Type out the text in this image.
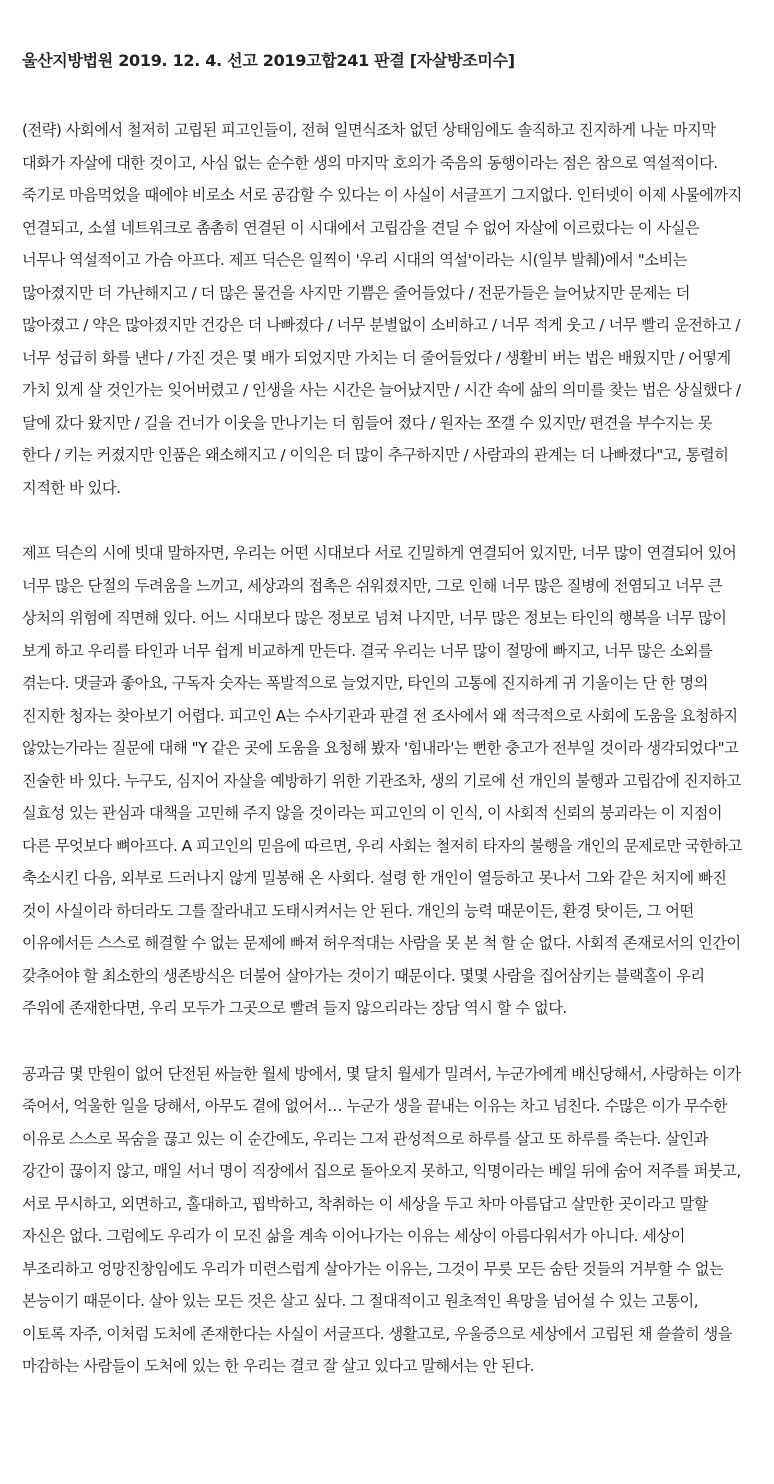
울산지방법원 2019. 12. 4. 선고 2019고합241 판결 [자살방조미수]

(전략) 사회에서 철저히 고립된 피고인들이, 전혀 일면식조차 없던 상태임에도 솔직하고 진지하게 나눈 마지막 대화가 자살에 대한 것이고, 사심 없는 순수한 생의 마지막 호의가 죽음의 동행이라는 점은 참으로 역설적이다. 죽기로 마음먹었을 때에야 비로소 서로 공감할 수 있다는 이 사실이 서글프기 그지없다. 인터넷이 이제 사물에까지 연결되고, 소셜 네트워크로 촘촘히 연결된 이 시대에서 고립감을 견딜 수 없어 자살에 이르렀다는 이 사실은 너무나 역설적이고 가슴 아프다. 제프 딕슨은 일찍이 '우리 시대의 역설'이라는 시(일부 발췌)에서 "소비는 많아졌지만 더 가난해지고 / 더 많은 물건을 사지만 기쁨은 줄어들었다 / 전문가들은 늘어났지만 문제는 더 많아졌고 / 약은 많아졌지만 건강은 더 나빠졌다 / 너무 분별없이 소비하고 / 너무 적게 웃고 / 너무 빨리 운전하고 / 너무 성급히 화를 낸다 / 가진 것은 몇 배가 되었지만 가치는 더 줄어들었다 / 생활비 버는 법은 배웠지만 / 어떻게 가치 있게 살 것인가는 잊어버렸고 / 인생을 사는 시간은 늘어났지만 / 시간 속에 삶의 의미를 찾는 법은 상실했다 / 달에 갔다 왔지만 / 길을 건너가 이웃을 만나기는 더 힘들어 졌다 / 원자는 쪼갤 수 있지만/ 편견을 부수지는 못 한다 / 키는 커졌지만 인품은 왜소해지고 / 이익은 더 많이 추구하지만 / 사람과의 관계는 더 나빠졌다"고, 통렬히 지적한 바 있다.

제프 딕슨의 시에 빗대 말하자면, 우리는 어떤 시대보다 서로 긴밀하게 연결되어 있지만, 너무 많이 연결되어 있어 너무 많은 단절의 두려움을 느끼고, 세상과의 접촉은 쉬워졌지만, 그로 인해 너무 많은 질병에 전염되고 너무 큰 상처의 위험에 직면해 있다. 어느 시대보다 많은 정보로 넘쳐 나지만, 너무 많은 정보는 타인의 행복을 너무 많이 보게 하고 우리를 타인과 너무 쉽게 비교하게 만든다. 결국 우리는 너무 많이 절망에 빠지고, 너무 많은 소외를 겪는다. 댓글과 좋아요, 구독자 숫자는 폭발적으로 늘었지만, 타인의 고통에 진지하게 귀 기울이는 단 한 명의 진지한 청자는 찾아보기 어렵다. 피고인 A는 수사기관과 판결 전 조사에서 왜 적극적으로 사회에 도움을 요청하지 않았는가라는 질문에 대해 "Y 같은 곳에 도움을 요청해 봤자 '힘내라'는 뻔한 충고가 전부일 것이라 생각되었다"고 진술한 바 있다. 누구도, 심지어 자살을 예방하기 위한 기관조차, 생의 기로에 선 개인의 불행과 고립감에 진지하고 실효성 있는 관심과 대책을 고민해 주지 않을 것이라는 피고인의 이 인식, 이 사회적 신뢰의 붕괴라는 이 지점이 다른 무엇보다 뼈아프다. A 피고인의 믿음에 따르면, 우리 사회는 철저히 타자의 불행을 개인의 문제로만 국한하고 축소시킨 다음, 외부로 드러나지 않게 밀봉해 온 사회다. 설령 한 개인이 열등하고 못나서 그와 같은 처지에 빠진 것이 사실이라 하더라도 그를 잘라내고 도태시켜서는 안 된다. 개인의 능력 때문이든, 환경 탓이든, 그 어떤 이유에서든 스스로 해결할 수 없는 문제에 빠져 허우적대는 사람을 못 본 척 할 순 없다. 사회적 존재로서의 인간이 갖추어야 할 최소한의 생존방식은 더불어 살아가는 것이기 때문이다. 몇몇 사람을 집어삼키는 블랙홀이 우리 주위에 존재한다면, 우리 모두가 그곳으로 빨려 들지 않으리라는 장담 역시 할 수 없다.

공과금 몇 만원이 없어 단전된 싸늘한 월세 방에서, 몇 달치 월세가 밀려서, 누군가에게 배신당해서, 사랑하는 이가 죽어서, 억울한 일을 당해서, 아무도 곁에 없어서… 누군가 생을 끝내는 이유는 차고 넘친다. 수많은 이가 무수한 이유로 스스로 목숨을 끊고 있는 이 순간에도, 우리는 그저 관성적으로 하루를 살고 또 하루를 죽는다. 살인과 강간이 끊이지 않고, 매일 서너 명이 직장에서 집으로 돌아오지 못하고, 익명이라는 베일 뒤에 숨어 저주를 퍼붓고, 서로 무시하고, 외면하고, 홀대하고, 핍박하고, 착취하는 이 세상을 두고 차마 아름답고 살만한 곳이라고 말할 자신은 없다. 그럼에도 우리가 이 모진 삶을 계속 이어나가는 이유는 세상이 아름다워서가 아니다. 세상이 부조리하고 엉망진창임에도 우리가 미련스럽게 살아가는 이유는, 그것이 무릇 모든 숨탄 것들의 거부할 수 없는 본능이기 때문이다. 살아 있는 모든 것은 살고 싶다. 그 절대적이고 원초적인 욕망을 넘어설 수 있는 고통이, 이토록 자주, 이처럼 도처에 존재한다는 사실이 서글프다. 생활고로, 우울증으로 세상에서 고립된 채 쓸쓸히 생을 마감하는 사람들이 도처에 있는 한 우리는 결코 잘 살고 있다고 말해서는 안 된다.
